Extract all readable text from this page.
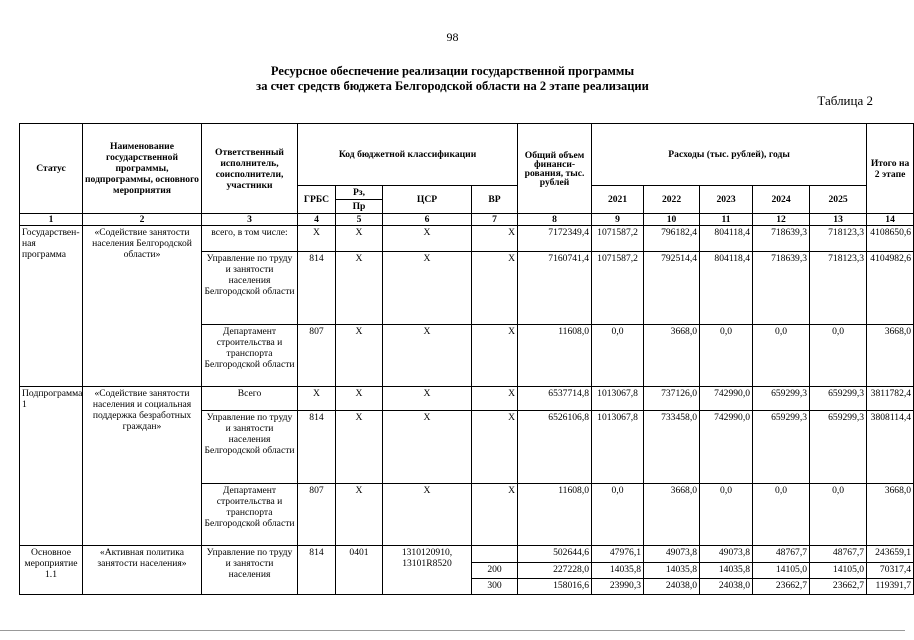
98
Ресурсное обеспечение реализации государственной программы
за счет средств бюджета Белгородской области на 2 этапе реализации
Таблица 2
Статус	Наименование государственной программы, подпрограммы, основного мероприятия	Ответственный исполнитель, соисполнители, участники	Код бюджетной классификации				Общий объем финанси-рования, тыс. рублей	Расходы (тыс. рублей), годы					Итого на 2 этапе
			ГРБС	Рз,	ЦСР	ВР		2021	2022	2023	2024	2025	
				Пр									
1	2	3	4	5	6	7	8	9	10	11	12	13	14
Государствен-ная программа	«Содействие занятости населения Белгородской области»	всего, в том числе:	Х	Х	Х	Х	7172349,4	1071587,2	796182,4	804118,4	718639,3	718123,3	4108650,6
		Управление по труду и занятости населения Белгородской области	814	Х	Х	Х	7160741,4	1071587,2	792514,4	804118,4	718639,3	718123,3	4104982,6
		Департамент строительства и транспорта Белгородской области	807	Х	Х	Х	11608,0	0,0	3668,0	0,0	0,0	0,0	3668,0
Подпрограмма 1	«Содействие занятости населения и социальная поддержка безработных граждан»	Всего	Х	Х	Х	Х	6537714,8	1013067,8	737126,0	742990,0	659299,3	659299,3	3811782,4
		Управление по труду и занятости населения Белгородской области	814	Х	Х	Х	6526106,8	1013067,8	733458,0	742990,0	659299,3	659299,3	3808114,4
		Департамент строительства и транспорта Белгородской области	807	Х	Х	Х	11608,0	0,0	3668,0	0,0	0,0	0,0	3668,0
Основное мероприятие 1.1	«Активная политика занятости населения»	Управление по труду и занятости населения	814	0401	1310120910, 13101R8520		502644,6	47976,1	49073,8	49073,8	48767,7	48767,7	243659,1
						200	227228,0	14035,8	14035,8	14035,8	14105,0	14105,0	70317,4
						300	158016,6	23990,3	24038,0	24038,0	23662,7	23662,7	119391,7
